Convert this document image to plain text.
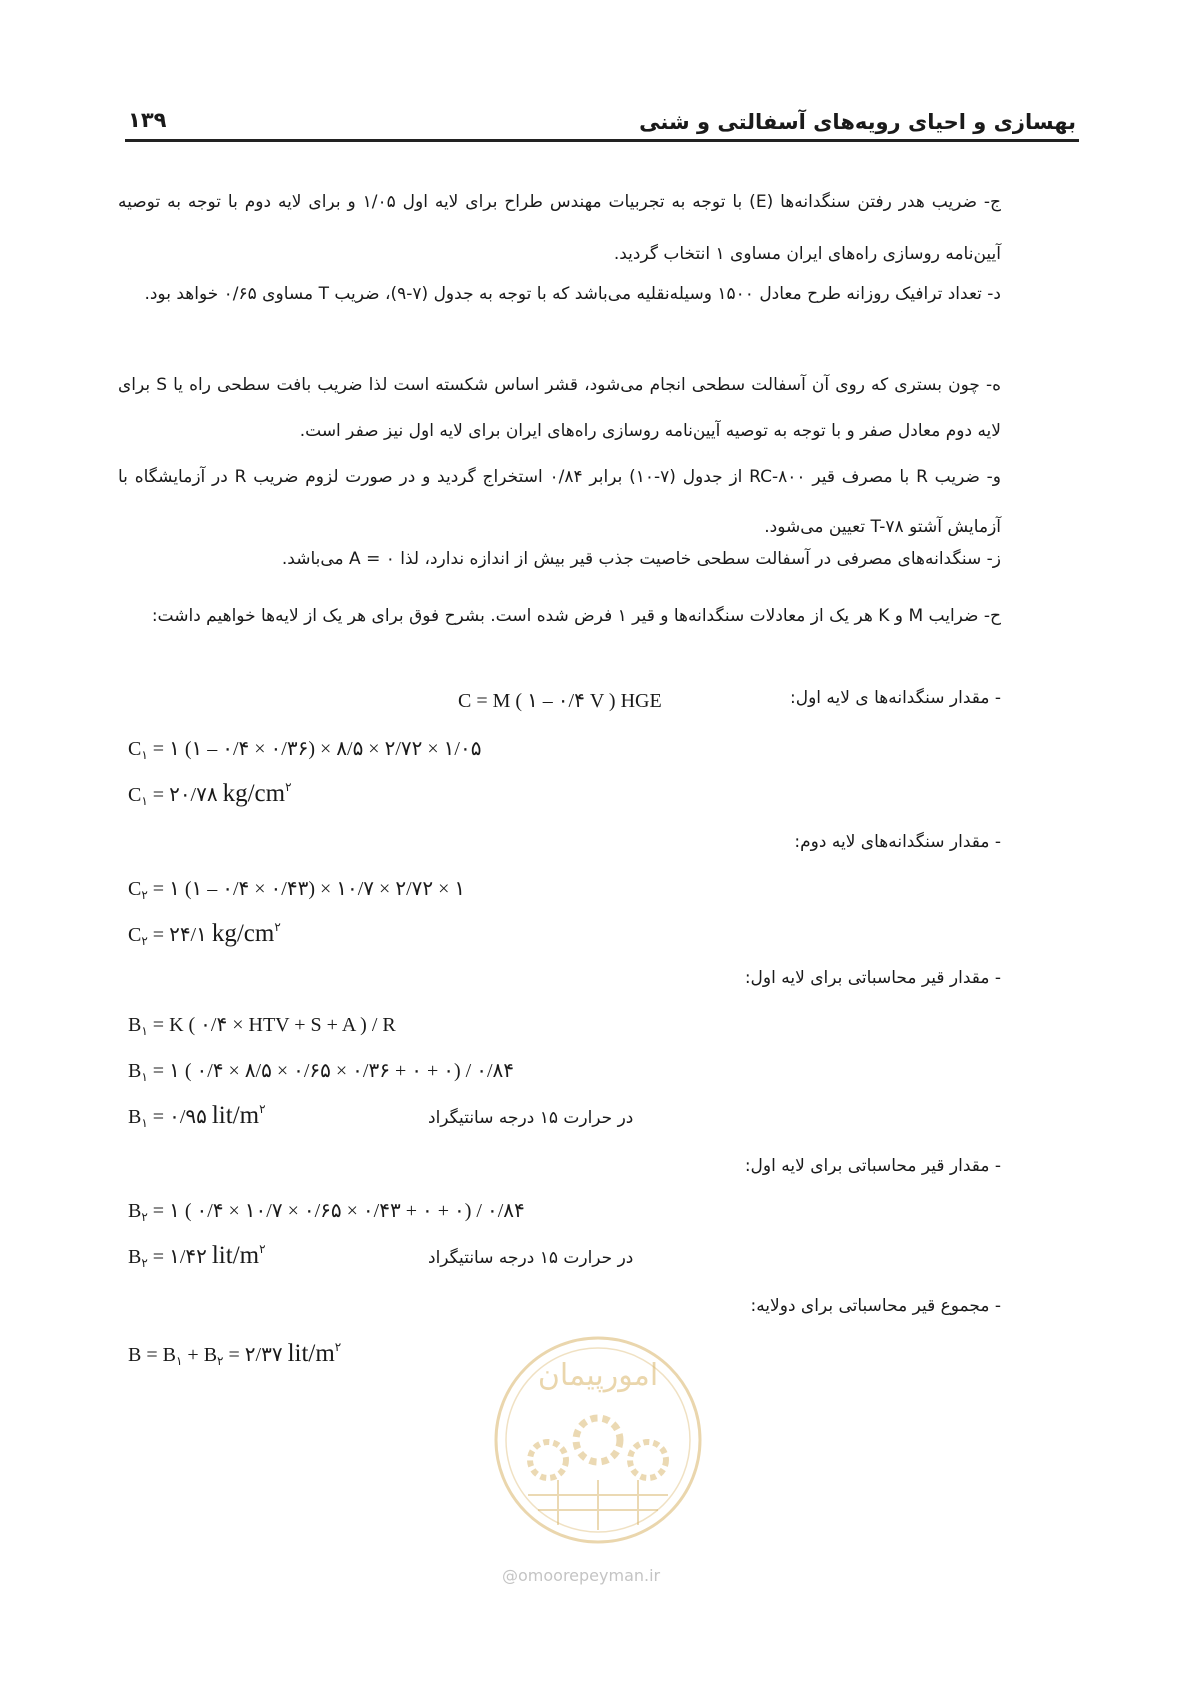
بهسازی و احیای رویه‌های آسفالتی و شنی
۱۳۹
ج- ضریب هدر رفتن سنگدانه‌ها (E) با توجه به تجربیات مهندس طراح برای لایه اول ۱/۰۵ و برای لایه دوم با توجه به توصیه آیین‌نامه روسازی راه‌های ایران مساوی ۱ انتخاب گردید.
د- تعداد ترافیک روزانه طرح معادل ۱۵۰۰ وسیله‌نقلیه می‌باشد که با توجه به جدول (۷-۹)، ضریب T مساوی ۰/۶۵ خواهد بود.
ه- چون بستری که روی آن آسفالت سطحی انجام می‌شود، قشر اساس شکسته است لذا ضریب بافت سطحی راه یا S برای لایه دوم معادل صفر و با توجه به توصیه آیین‌نامه روسازی راه‌های ایران برای لایه اول نیز صفر است.
و- ضریب R با مصرف قیر RC-۸۰۰ از جدول (۷-۱۰) برابر ۰/۸۴ استخراج گردید و در صورت لزوم ضریب R در آزمایشگاه با آزمایش آشتو T-۷۸ تعیین می‌شود.
ز- سنگدانه‌های مصرفی در آسفالت سطحی خاصیت جذب قیر بیش از اندازه ندارد، لذا A = ۰ می‌باشد.
ح- ضرایب M و K هر یک از معادلات سنگدانه‌ها و قیر ۱ فرض شده است. بشرح فوق برای هر یک از لایه‌ها خواهیم داشت:
- مقدار سنگدانه‌ها ی لایه اول:
C = M ( ۱ – ۰/۴ V ) HGE
$C_۱$ = ۱ (۱ – ۰/۴ × ۰/۳۶) × ۸/۵ × ۲/۷۲ × ۱/۰۵
$C_۱$ = ۲۰/۷۸ $kg/cm^۲$
- مقدار سنگدانه‌های لایه دوم:
$C_۲$ = ۱ (۱ – ۰/۴ × ۰/۴۳) × ۱۰/۷ × ۲/۷۲ × ۱
$C_۲$ = ۲۴/۱ $kg/cm^۲$
- مقدار قیر محاسباتی برای لایه اول:
$B_۱ = K$ ( ۰/۴ × HTV + S + A ) / R
$B_۱$ = ۱ ( ۰/۴ × ۸/۵ × ۰/۶۵ × ۰/۳۶ + ۰ + ۰) / ۰/۸۴
$B_۱$ = ۰/۹۵ lit/$m^۲$	در حرارت ۱۵ درجه سانتیگراد
- مقدار قیر محاسباتی برای لایه اول:
$B_۲$ = ۱ ( ۰/۴ × ۱۰/۷ × ۰/۶۵ × ۰/۴۳ + ۰ + ۰) / ۰/۸۴
$B_۲$ = ۱/۴۲ lit/$m^۲$	در حرارت ۱۵ درجه سانتیگراد
- مجموع قیر محاسباتی برای دولایه:
$B = B_۱ + B_۲$ = ۲/۳۷ lit/$m^۲$
امورپیمان
@omoorepeyman.ir
